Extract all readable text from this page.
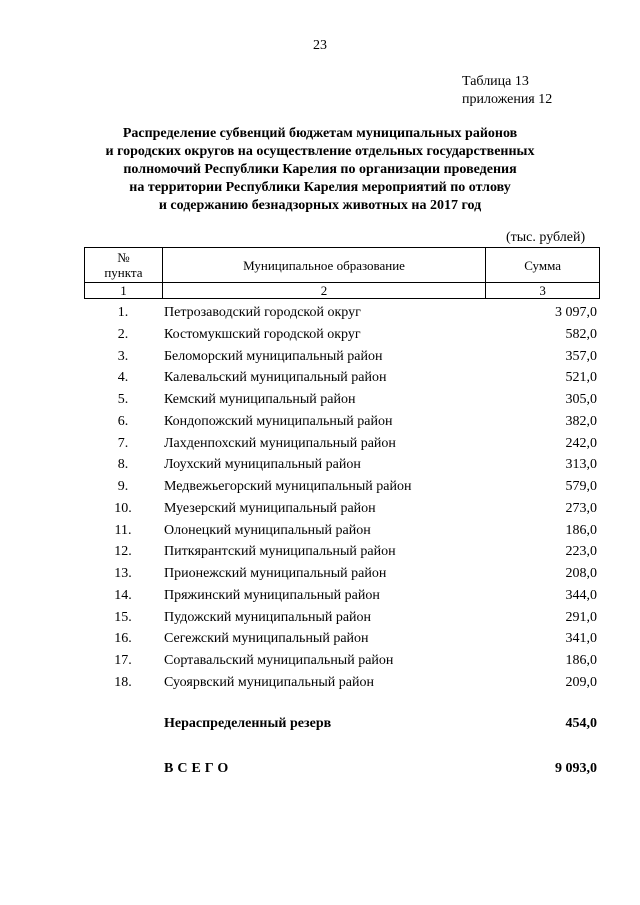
23
Таблица 13
приложения 12
Распределение субвенций бюджетам муниципальных районов
и городских округов на осуществление отдельных государственных
полномочий Республики Карелия по организации проведения
на территории Республики Карелия мероприятий по отлову
и содержанию безнадзорных животных на 2017 год
(тыс. рублей)
№
пункта	Муниципальное образование	Сумма
1	2	3
1.	Петрозаводский городской округ	3 097,0
2.	Костомукшский городской округ	582,0
3.	Беломорский муниципальный район	357,0
4.	Калевальский муниципальный район	521,0
5.	Кемский муниципальный район	305,0
6.	Кондопожский муниципальный район	382,0
7.	Лахденпохский муниципальный район	242,0
8.	Лоухский муниципальный район	313,0
9.	Медвежьегорский муниципальный район	579,0
10.	Муезерский муниципальный район	273,0
11.	Олонецкий муниципальный район	186,0
12.	Питкярантский муниципальный район	223,0
13.	Прионежский муниципальный район	208,0
14.	Пряжинский муниципальный район	344,0
15.	Пудожский муниципальный район	291,0
16.	Сегежский муниципальный район	341,0
17.	Сортавальский муниципальный район	186,0
18.	Суоярвский муниципальный район	209,0
Нераспределенный резерв	454,0
ВСЕГО	9 093,0
